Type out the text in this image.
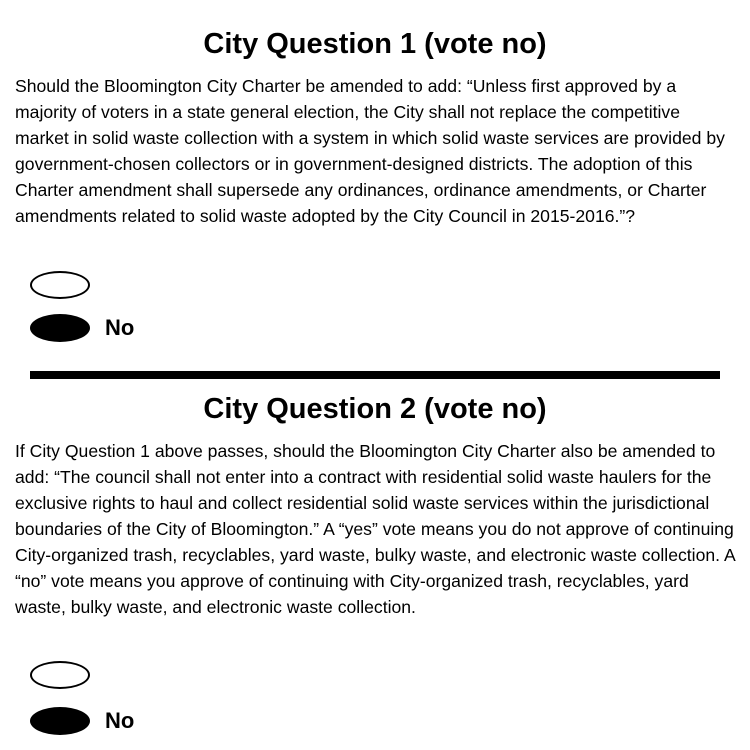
City Question 1 (vote no)

Should the Bloomington City Charter be amended to add: “Unless first approved by a majority of voters in a state general election, the City shall not replace the competitive market in solid waste collection with a system in which solid waste services are provided by government-chosen collectors or in government-designed districts. The adoption of this Charter amendment shall supersede any ordinances, ordinance amendments, or Charter amendments related to solid waste adopted by the City Council in 2015-2016.”?

No
City Question 2 (vote no)

If City Question 1 above passes, should the Bloomington City Charter also be amended to add: “The council shall not enter into a contract with residential solid waste haulers for the exclusive rights to haul and collect residential solid waste services within the jurisdictional boundaries of the City of Bloomington.” A “yes” vote means you do not approve of continuing City-organized trash, recyclables, yard waste, bulky waste, and electronic waste collection. A “no” vote means you approve of continuing with City-organized trash, recyclables, yard waste, bulky waste, and electronic waste collection.

No
